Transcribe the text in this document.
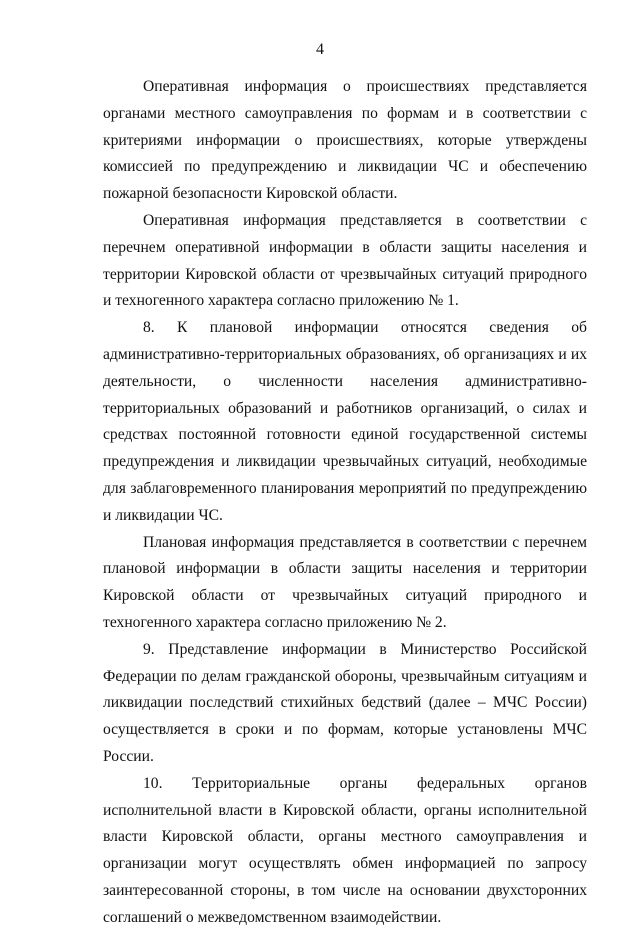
4

Оперативная информация о происшествиях представляется органами местного самоуправления по формам и в соответствии с критериями информации о происшествиях, которые утверждены комиссией по предупреждению и ликвидации ЧС и обеспечению пожарной безопасности Кировской области.

Оперативная информация представляется в соответствии с перечнем оперативной информации в области защиты населения и территории Кировской области от чрезвычайных ситуаций природного и техногенного характера согласно приложению № 1.

8. К плановой информации относятся сведения об административно-территориальных образованиях, об организациях и их деятельности, о численности населения административно-территориальных образований и работников организаций, о силах и средствах постоянной готовности единой государственной системы предупреждения и ликвидации чрезвычайных ситуаций, необходимые для заблаговременного планирования мероприятий по предупреждению и ликвидации ЧС.

Плановая информация представляется в соответствии с перечнем плановой информации в области защиты населения и территории Кировской области от чрезвычайных ситуаций природного и техногенного характера согласно приложению № 2.

9. Представление информации в Министерство Российской Федерации по делам гражданской обороны, чрезвычайным ситуациям и ликвидации последствий стихийных бедствий (далее – МЧС России) осуществляется в сроки и по формам, которые установлены МЧС России.

10. Территориальные органы федеральных органов исполнительной власти в Кировской области, органы исполнительной власти Кировской области, органы местного самоуправления и организации могут осуществлять обмен информацией по запросу заинтересованной стороны, в том числе на основании двухсторонних соглашений о межведомственном взаимодействии.
